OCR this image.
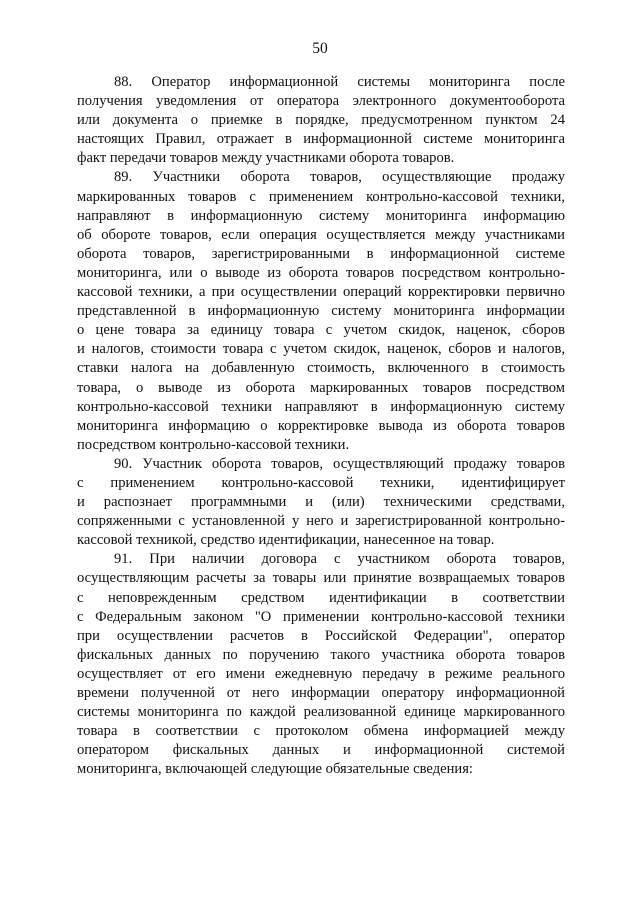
50
88. Оператор информационной системы мониторинга после
получения уведомления от оператора электронного документооборота
или документа о приемке в порядке, предусмотренном пунктом 24
настоящих Правил, отражает в информационной системе мониторинга
факт передачи товаров между участниками оборота товаров.
89. Участники оборота товаров, осуществляющие продажу
маркированных товаров с применением контрольно-кассовой техники,
направляют в информационную систему мониторинга информацию
об обороте товаров, если операция осуществляется между участниками
оборота товаров, зарегистрированными в информационной системе
мониторинга, или о выводе из оборота товаров посредством контрольно-
кассовой техники, а при осуществлении операций корректировки первично
представленной в информационную систему мониторинга информации
о цене товара за единицу товара с учетом скидок, наценок, сборов
и налогов, стоимости товара с учетом скидок, наценок, сборов и налогов,
ставки налога на добавленную стоимость, включенного в стоимость
товара, о выводе из оборота маркированных товаров посредством
контрольно-кассовой техники направляют в информационную систему
мониторинга информацию о корректировке вывода из оборота товаров
посредством контрольно-кассовой техники.
90. Участник оборота товаров, осуществляющий продажу товаров
с применением контрольно-кассовой техники, идентифицирует
и распознает программными и (или) техническими средствами,
сопряженными с установленной у него и зарегистрированной контрольно-
кассовой техникой, средство идентификации, нанесенное на товар.
91. При наличии договора с участником оборота товаров,
осуществляющим расчеты за товары или принятие возвращаемых товаров
с неповрежденным средством идентификации в соответствии
с Федеральным законом "О применении контрольно-кассовой техники
при осуществлении расчетов в Российской Федерации", оператор
фискальных данных по поручению такого участника оборота товаров
осуществляет от его имени ежедневную передачу в режиме реального
времени полученной от него информации оператору информационной
системы мониторинга по каждой реализованной единице маркированного
товара в соответствии с протоколом обмена информацией между
оператором фискальных данных и информационной системой
мониторинга, включающей следующие обязательные сведения:
